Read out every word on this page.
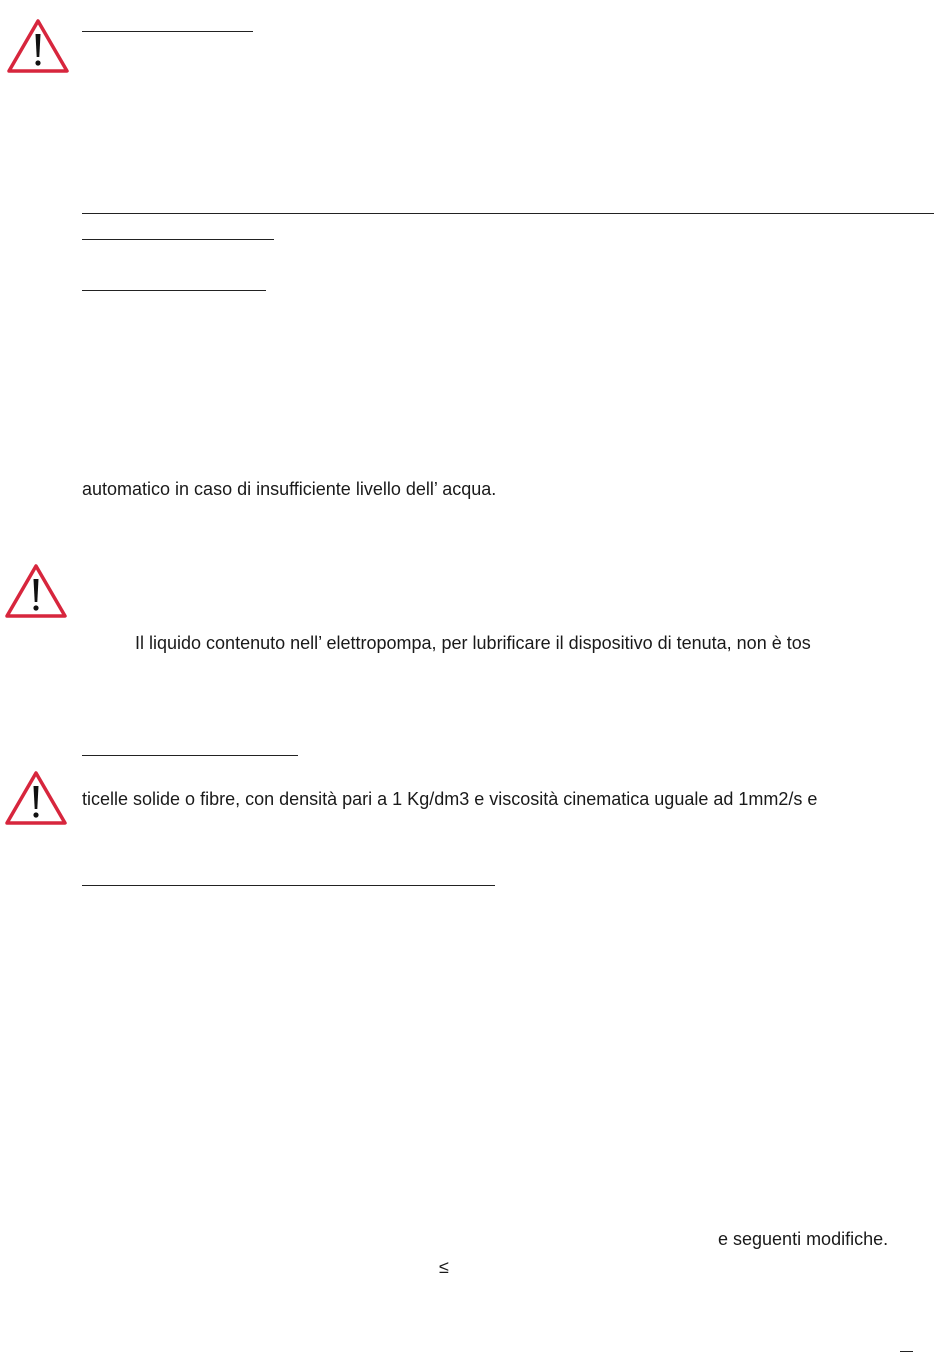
automatico in caso di insufficiente livello dell’ acqua.
Il liquido contenuto nell’ elettropompa, per lubrificare il dispositivo di tenuta, non è tos
ticelle solide o fibre, con densità pari a 1 Kg/dm3 e viscosità cinematica uguale ad 1mm2/s e
e seguenti modifiche.
≤
